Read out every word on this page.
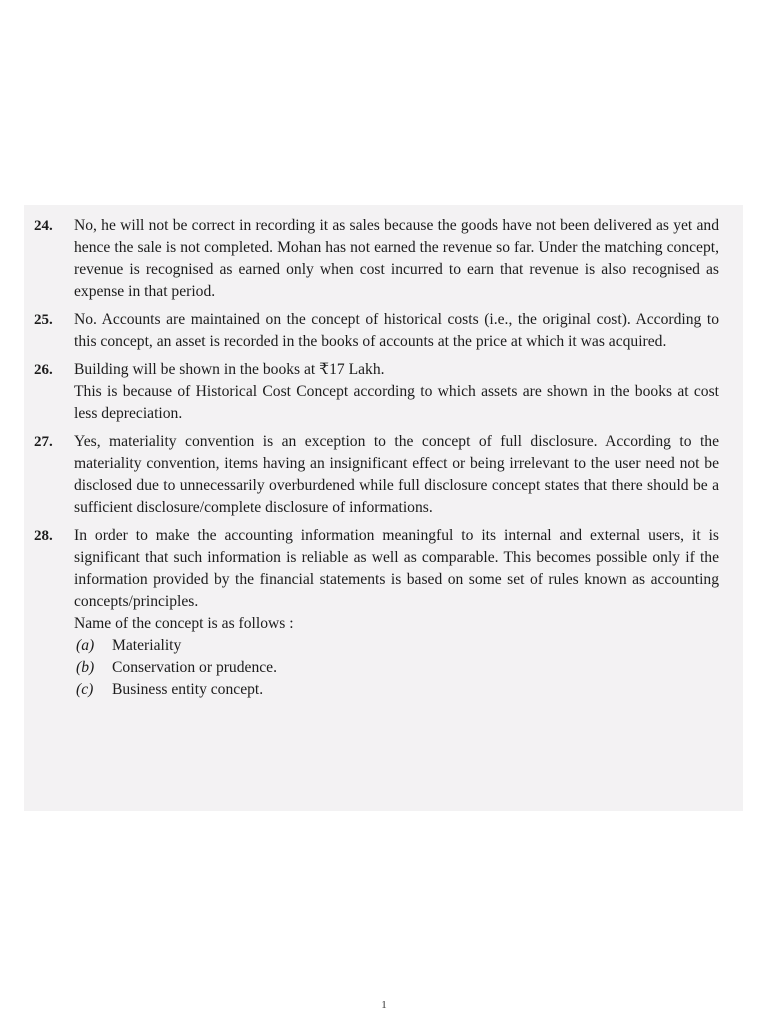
24. No, he will not be correct in recording it as sales because the goods have not been delivered as yet and hence the sale is not completed. Mohan has not earned the revenue so far. Under the matching concept, revenue is recognised as earned only when cost incurred to earn that revenue is also recognised as expense in that period.

25. No. Accounts are maintained on the concept of historical costs (i.e., the original cost). According to this concept, an asset is recorded in the books of accounts at the price at which it was acquired.

26. Building will be shown in the books at ₹17 Lakh.

This is because of Historical Cost Concept according to which assets are shown in the books at cost less depreciation.

27. Yes, materiality convention is an exception to the concept of full disclosure. According to the materiality convention, items having an insignificant effect or being irrelevant to the user need not be disclosed due to unnecessarily overburdened while full disclosure concept states that there should be a sufficient disclosure/complete disclosure of informations.

28. In order to make the accounting information meaningful to its internal and external users, it is significant that such information is reliable as well as comparable. This becomes possible only if the information provided by the financial statements is based on some set of rules known as accounting concepts/principles.

Name of the concept is as follows :

(a) Materiality
(b) Conservation or prudence.
(c) Business entity concept.
1
